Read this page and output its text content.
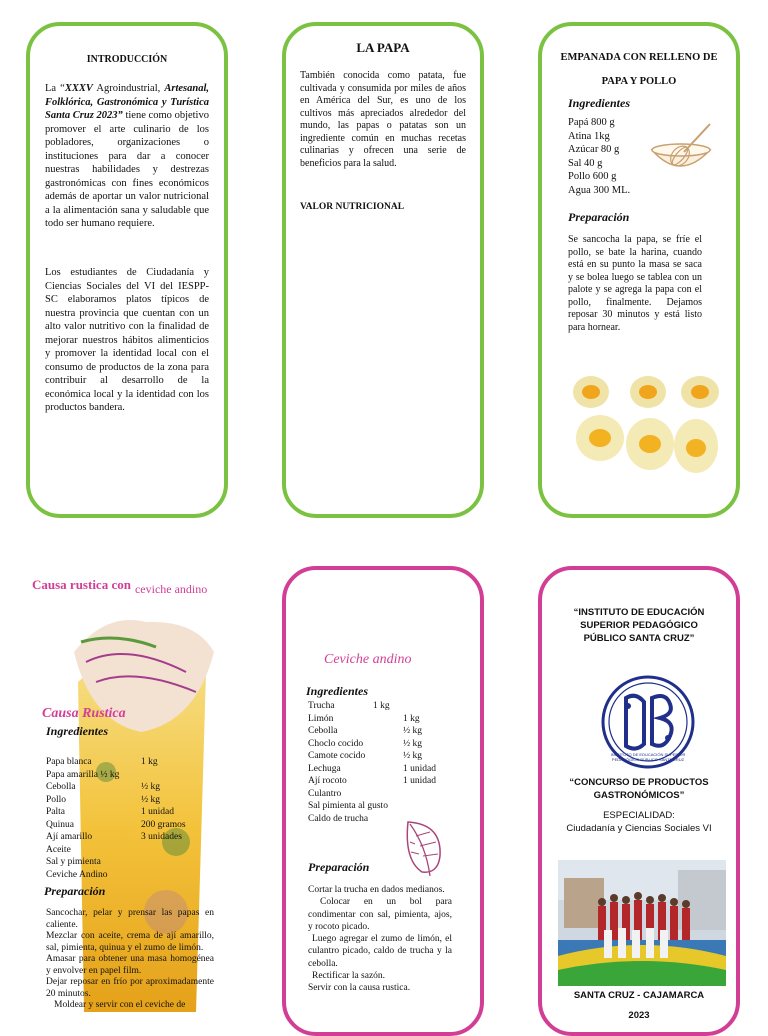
INTRODUCCIÓN
La “XXXV Agroindustrial, Artesanal, Folklórica, Gastronómica y Turística Santa Cruz 2023” tiene como objetivo promover el arte culinario de los pobladores, organizaciones o instituciones para dar a conocer nuestras habilidades y destrezas gastronómicas con fines económicos además de aportar un valor nutricional a la alimentación sana y saludable que todo ser humano requiere.
Los estudiantes de Ciudadanía y Ciencias Sociales del VI del IESPP-SC elaboramos platos típicos de nuestra provincia que cuentan con un alto valor nutritivo con la finalidad de mejorar nuestros hábitos alimenticios y promover la identidad local con el consumo de productos de la zona para contribuir al desarrollo de la económica local y la identidad con los productos bandera.
LA PAPA
También conocida como patata, fue cultivada y consumida por miles de años en América del Sur, es uno de los cultivos más apreciados alrededor del mundo, las papas o patatas son un ingrediente común en muchas recetas culinarias y ofrecen una serie de beneficios para la salud.
VALOR NUTRICIONAL
EMPANADA CON RELLENO DE PAPA Y POLLO
Ingredientes
Papá 800 g
Atina 1kg
Azúcar 80 g
Sal 40 g
Pollo 600 g
Agua 300 ML.
Preparación
Se sancocha la papa, se fríe el pollo, se bate la harina, cuando está en su punto la masa se saca y se bolea luego se tablea con un palote y se agrega la papa con el pollo, finalmente. Dejamos reposar 30 minutos y está listo para hornear.
Causa rustica con $_{ceviche andino}$
Causa Rustica
Ingredientes
Papa blanca	1 kg
Papa amarilla ½ kg
Cebolla	½ kg
Pollo	½ kg
Palta	1 unidad
Quinua	200 gramos
Ají amarillo	3 unidades
Aceite
Sal y pimienta
Ceviche Andino
Preparación
Sancochar, pelar y prensar las papas en caliente.
Mezclar con aceite, crema de ají amarillo, sal, pimienta, quinua y el zumo de limón.
Amasar para obtener una masa homogénea y envolver en papel film.
Dejar reposar en frío por aproximadamente 20 minutos.
Moldear y servir con el ceviche de
Ceviche andino
Ingredientes
Trucha	1 kg
Limón	1 kg
Cebolla	½ kg
Choclo cocido	½ kg
Camote cocido	½ kg
Lechuga	1 unidad
Ají rocoto	1 unidad
Culantro
Sal pimienta al gusto
Caldo de trucha
Preparación
Cortar la trucha en dados medianos.
Colocar en un bol para condimentar con sal, pimienta, ajos, y rocoto picado.
Luego agregar el zumo de limón, el culantro picado, caldo de trucha y la cebolla.
Rectificar la sazón.
Servir con la causa rustica.
“INSTITUTO DE EDUCACIÓN SUPERIOR PEDAGÓGICO PÚBLICO SANTA CRUZ”
INSTITUTO DE EDUCACIÓN SUPERIOR
PEDAGÓGICO PÚBLICO SANTA CRUZ
“CONCURSO DE PRODUCTOS GASTRONÓMICOS”
ESPECIALIDAD:
Ciudadanía y Ciencias Sociales VI
SANTA CRUZ - CAJAMARCA
2023
